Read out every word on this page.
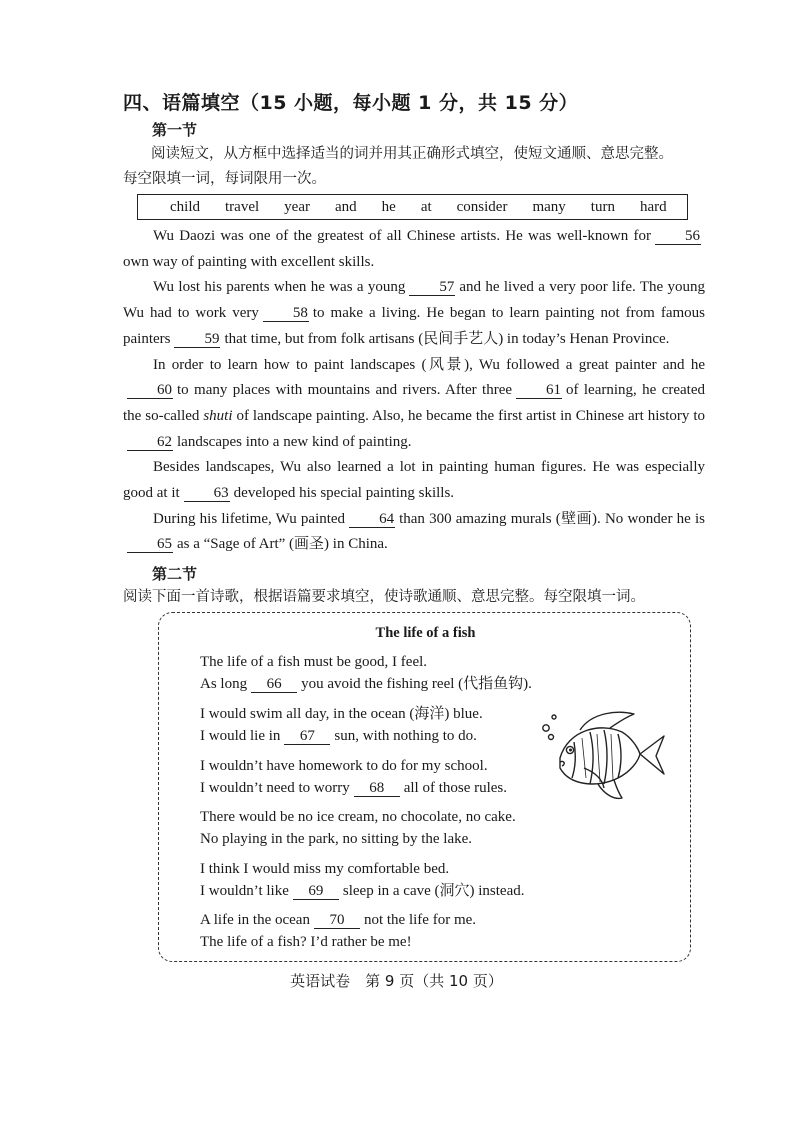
四、语篇填空（15 小题，每小题 1 分，共 15 分）
第一节
阅读短文，从方框中选择适当的词并用其正确形式填空，使短文通顺、意思完整。
每空限填一词，每词限用一次。
child travel year and he at consider many turn hard

Wu Daozi was one of the greatest of all Chinese artists. He was well-known for 56 own way of painting with excellent skills.

Wu lost his parents when he was a young 57 and he lived a very poor life. The young Wu had to work very 58 to make a living. He began to learn painting not from famous painters 59 that time, but from folk artisans (民间手艺人) in today’s Henan Province.

In order to learn how to paint landscapes (风景), Wu followed a great painter and he 60 to many places with mountains and rivers. After three 61 of learning, he created the so-called shuti of landscape painting. Also, he became the first artist in Chinese art history to62 landscapes into a new kind of painting.

Besides landscapes, Wu also learned a lot in painting human figures. He was especially good at it 63 developed his special painting skills.

During his lifetime, Wu painted 64 than 300 amazing murals (壁画). No wonder he is65 as a “Sage of Art” (画圣) in China.

第二节
阅读下面一首诗歌，根据语篇要求填空，使诗歌通顺、意思完整。每空限填一词。
The life of a fish
The life of a fish must be good, I feel.
As long 66 you avoid the fishing reel (代指鱼钩).
I would swim all day, in the ocean (海洋) blue.
I would lie in 67 sun, with nothing to do.
I wouldn’t have homework to do for my school.
I wouldn’t need to worry 68 all of those rules.
There would be no ice cream, no chocolate, no cake.
No playing in the park, no sitting by the lake.
I think I would miss my comfortable bed.
I wouldn’t like 69 sleep in a cave (洞穴) instead.
A life in the ocean 70 not the life for me.
The life of a fish? I’d rather be me!
英语试卷　第 9 页（共 10 页）
